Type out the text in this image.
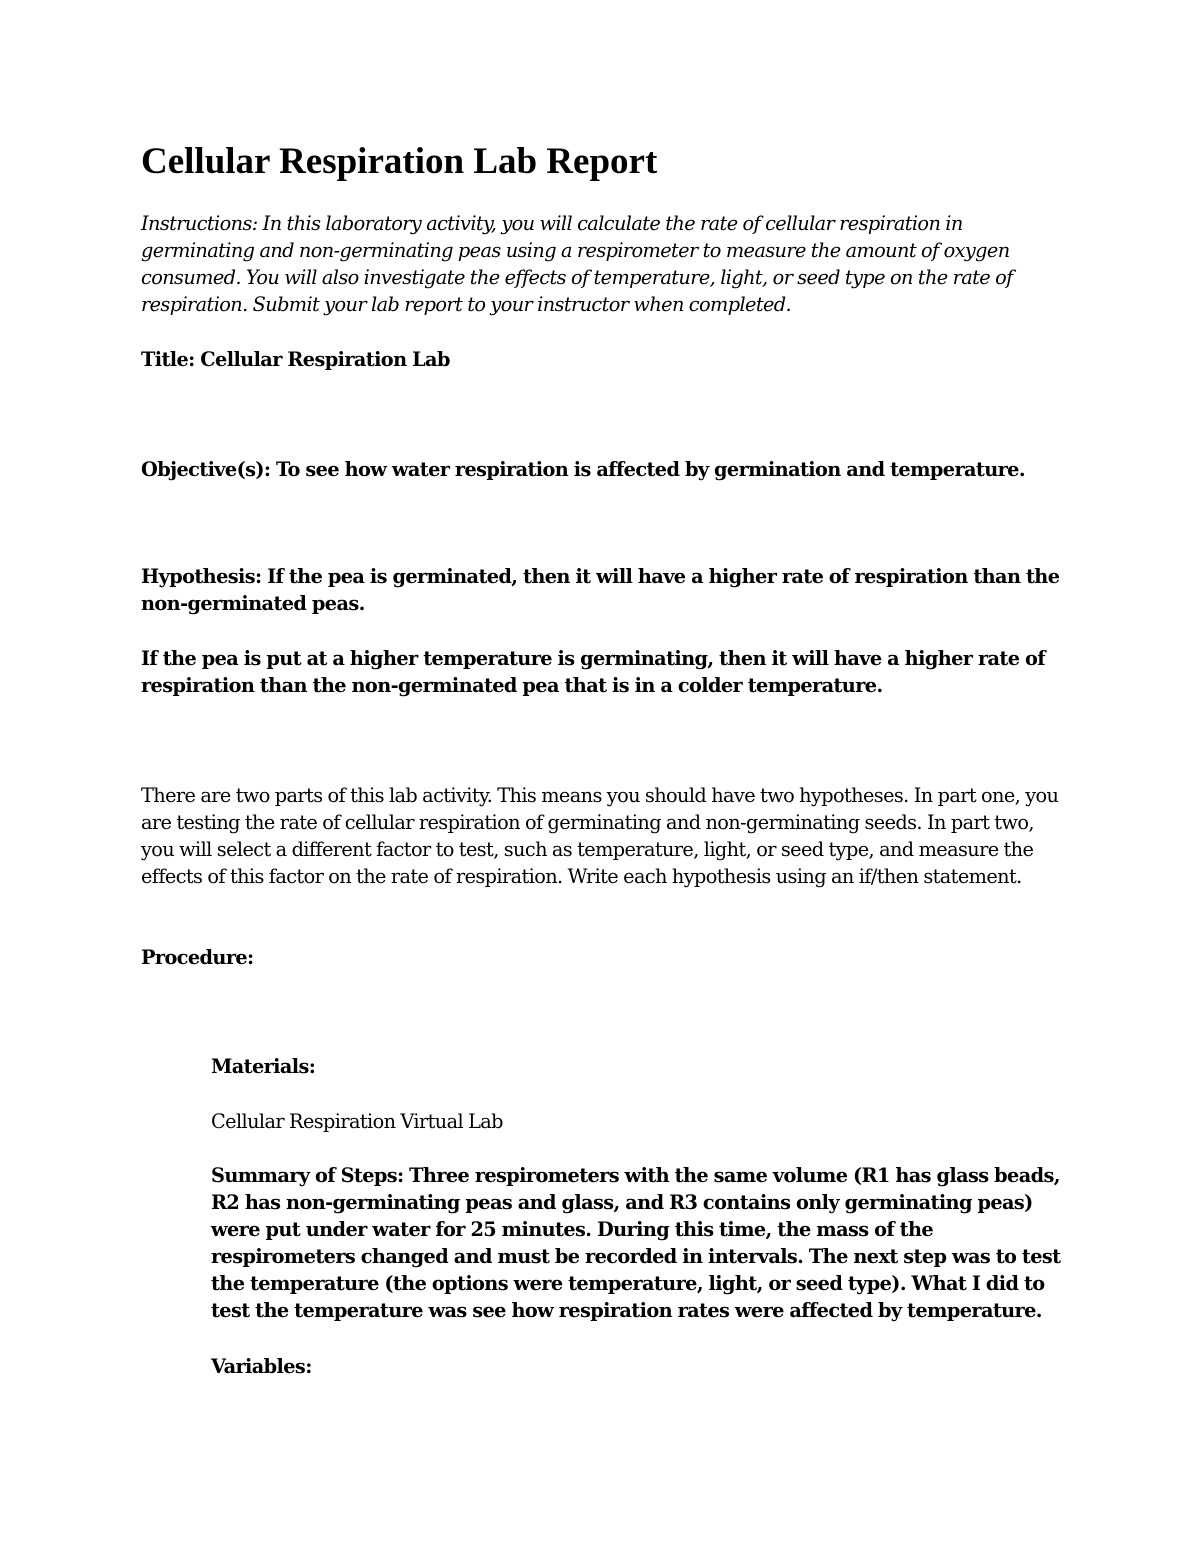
Cellular Respiration Lab Report

Instructions: In this laboratory activity, you will calculate the rate of cellular respiration in germinating and non-germinating peas using a respirometer to measure the amount of oxygen consumed. You will also investigate the effects of temperature, light, or seed type on the rate of respiration. Submit your lab report to your instructor when completed.

Title: Cellular Respiration Lab

Objective(s): To see how water respiration is affected by germination and temperature.

Hypothesis: If the pea is germinated, then it will have a higher rate of respiration than the non-germinated peas.

If the pea is put at a higher temperature is germinating, then it will have a higher rate of respiration than the non-germinated pea that is in a colder temperature.

There are two parts of this lab activity. This means you should have two hypotheses. In part one, you are testing the rate of cellular respiration of germinating and non-germinating seeds. In part two, you will select a different factor to test, such as temperature, light, or seed type, and measure the effects of this factor on the rate of respiration. Write each hypothesis using an if/then statement.

Procedure:

Materials:

Cellular Respiration Virtual Lab

Summary of Steps: Three respirometers with the same volume (R1 has glass beads, R2 has non-germinating peas and glass, and R3 contains only germinating peas) were put under water for 25 minutes. During this time, the mass of the respirometers changed and must be recorded in intervals. The next step was to test the temperature (the options were temperature, light, or seed type). What I did to test the temperature was see how respiration rates were affected by temperature.

Variables:
